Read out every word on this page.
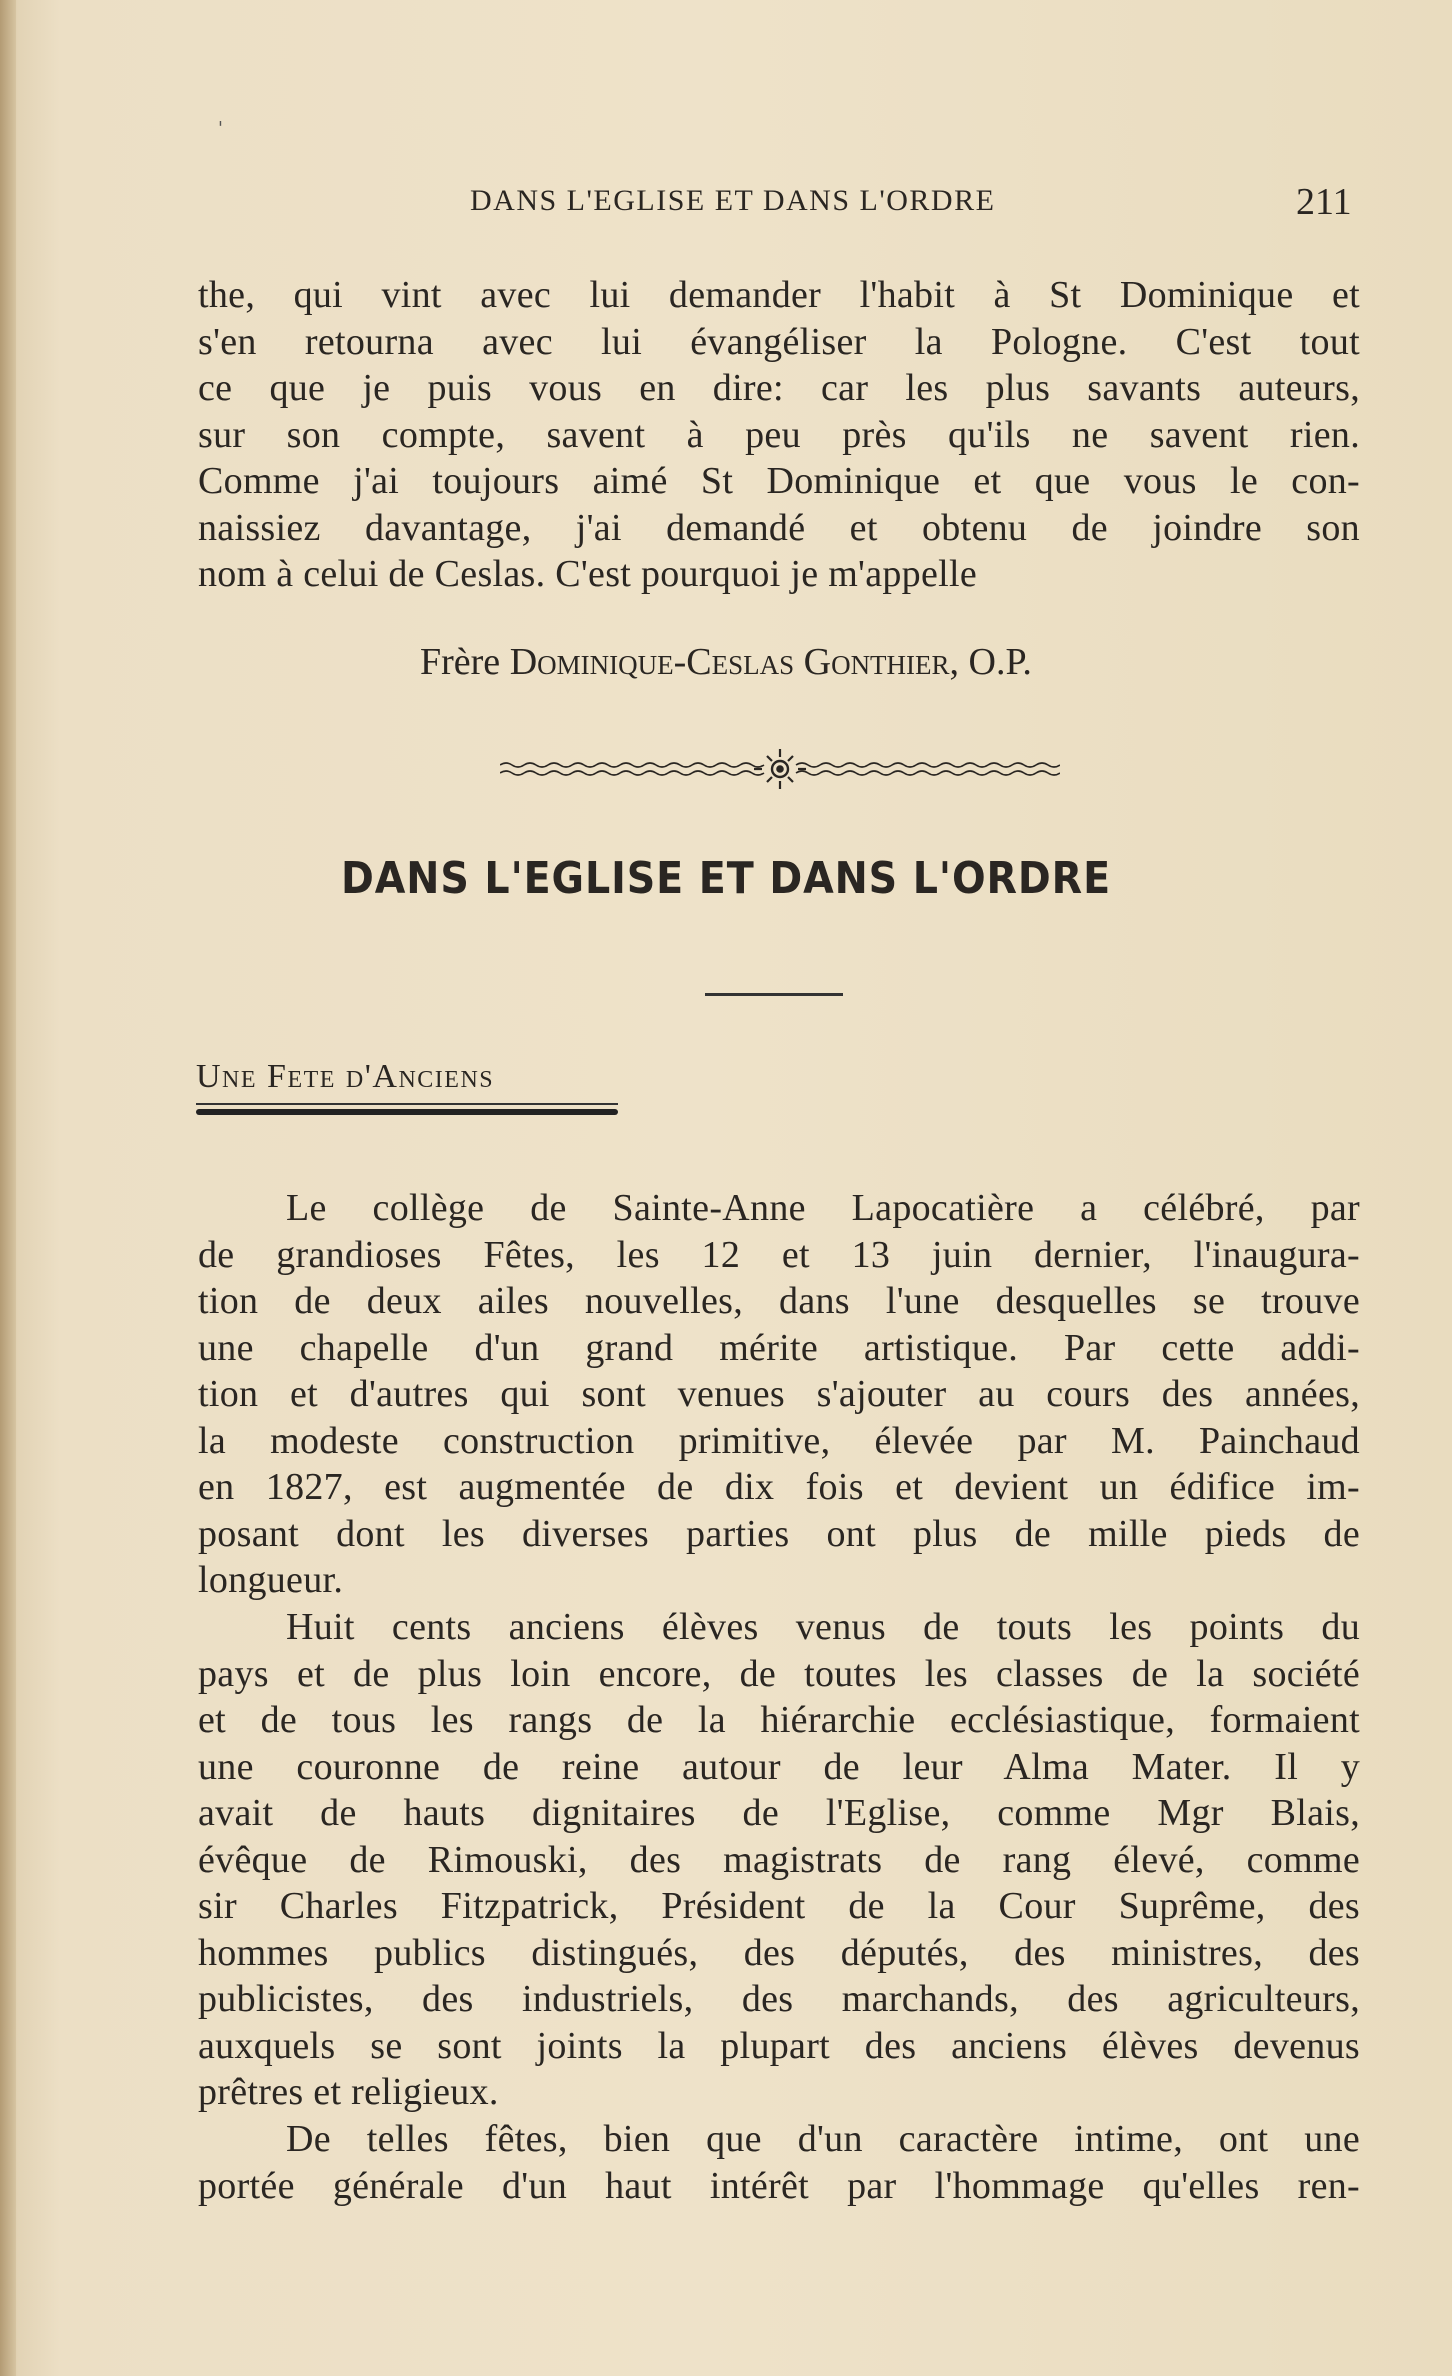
'
DANS L'EGLISE ET DANS L'ORDRE	211
the, qui vint avec lui demander l'habit à St Dominique et
s'en retourna avec lui évangéliser la Pologne. C'est tout
ce que je puis vous en dire: car les plus savants auteurs,
sur son compte, savent à peu près qu'ils ne savent rien.
Comme j'ai toujours aimé St Dominique et que vous le con-
naissiez davantage, j'ai demandé et obtenu de joindre son
nom à celui de Ceslas. C'est pourquoi je m'appelle
Frère Dominique-Ceslas Gonthier, O.P.
DANS L'EGLISE ET DANS L'ORDRE
Une Fete d'Anciens
Le collège de Sainte-Anne Lapocatière a célébré, par
de grandioses Fêtes, les 12 et 13 juin dernier, l'inaugura-
tion de deux ailes nouvelles, dans l'une desquelles se trouve
une chapelle d'un grand mérite artistique. Par cette addi-
tion et d'autres qui sont venues s'ajouter au cours des années,
la modeste construction primitive, élevée par M. Painchaud
en 1827, est augmentée de dix fois et devient un édifice im-
posant dont les diverses parties ont plus de mille pieds de
longueur.
Huit cents anciens élèves venus de touts les points du
pays et de plus loin encore, de toutes les classes de la société
et de tous les rangs de la hiérarchie ecclésiastique, formaient
une couronne de reine autour de leur Alma Mater. Il y
avait de hauts dignitaires de l'Eglise, comme Mgr Blais,
évêque de Rimouski, des magistrats de rang élevé, comme
sir Charles Fitzpatrick, Président de la Cour Suprême, des
hommes publics distingués, des députés, des ministres, des
publicistes, des industriels, des marchands, des agriculteurs,
auxquels se sont joints la plupart des anciens élèves devenus
prêtres et religieux.
De telles fêtes, bien que d'un caractère intime, ont une
portée générale d'un haut intérêt par l'hommage qu'elles ren-
